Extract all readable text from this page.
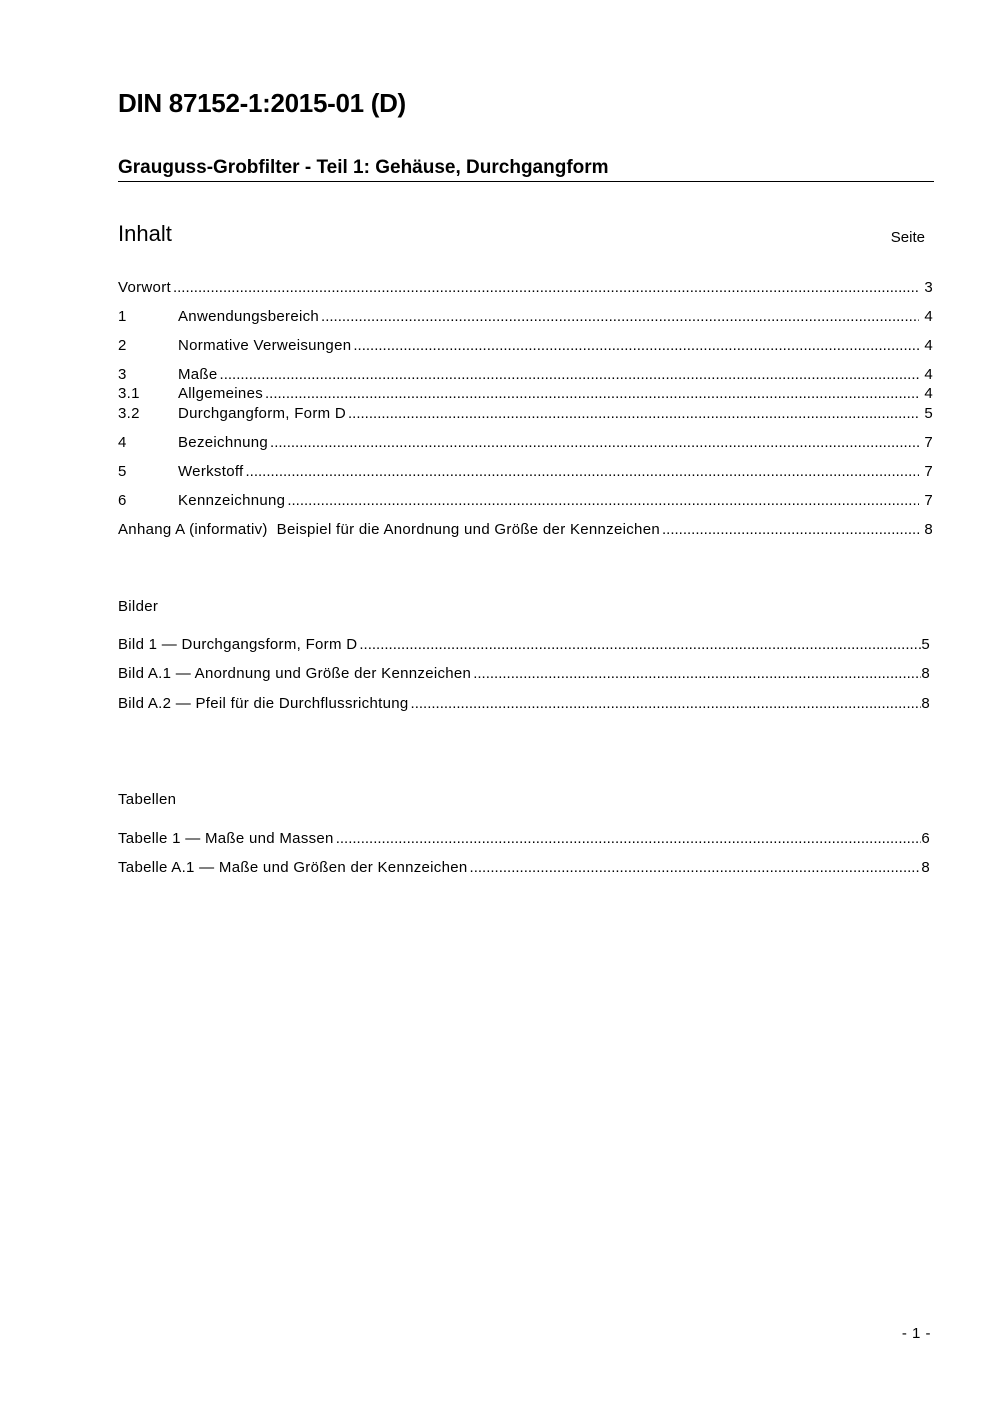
DIN 87152-1:2015-01 (D)
Grauguss-Grobfilter - Teil 1: Gehäuse, Durchgangform
Inhalt	Seite
Vorwort .....	3
1	Anwendungsbereich .....	4
2	Normative Verweisungen .....	4
3	Maße .....	4
3.1	Allgemeines .....	4
3.2	Durchgangform, Form D .....	5
4	Bezeichnung .....	7
5	Werkstoff .....	7
6	Kennzeichnung .....	7
Anhang A (informativ)  Beispiel für die Anordnung und Größe der Kennzeichen .....	8
Bilder
Bild 1 — Durchgangsform, Form D .....	5
Bild A.1 — Anordnung und Größe der Kennzeichen .....	8
Bild A.2 — Pfeil für die Durchflussrichtung .....	8
Tabellen
Tabelle 1 — Maße und Massen .....	6
Tabelle A.1 — Maße und Größen der Kennzeichen .....	8
- 1 -
